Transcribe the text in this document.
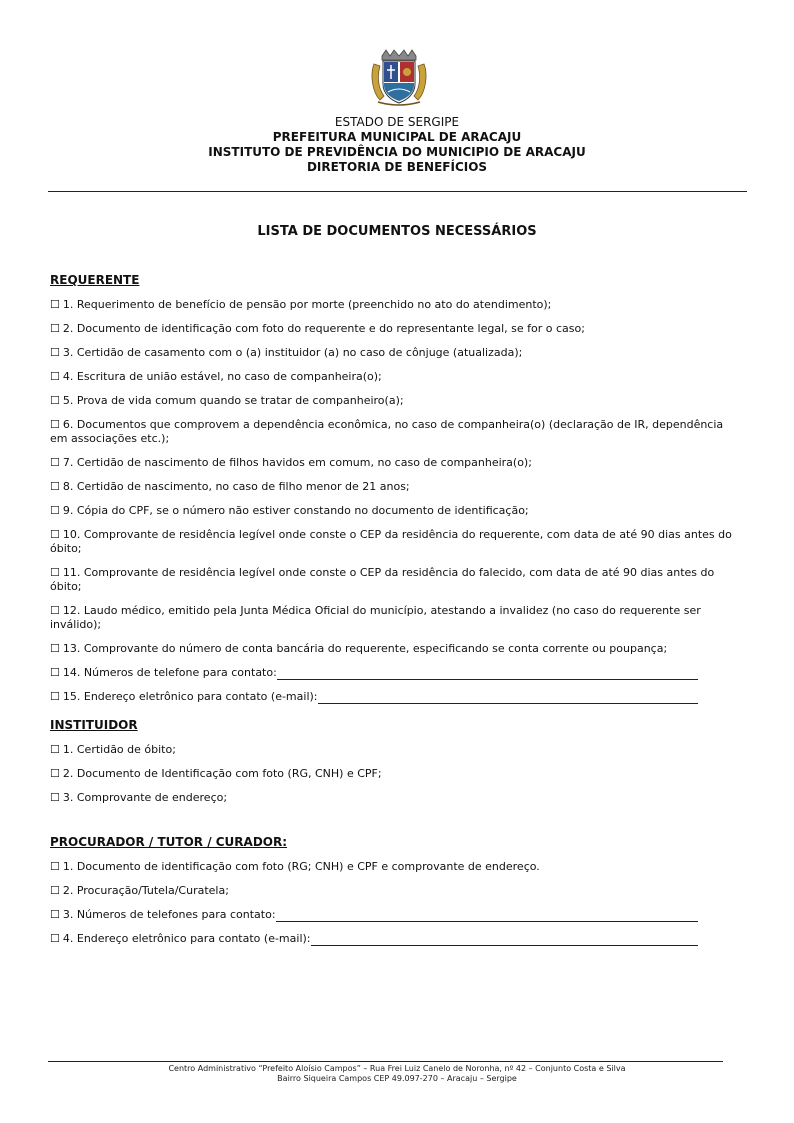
ESTADO DE SERGIPE
PREFEITURA MUNICIPAL DE ARACAJU
INSTITUTO DE PREVIDÊNCIA DO MUNICIPIO DE ARACAJU
DIRETORIA DE BENEFÍCIOS
LISTA DE DOCUMENTOS NECESSÁRIOS
REQUERENTE
☐ 1. Requerimento de benefício de pensão por morte (preenchido no ato do atendimento);
☐ 2. Documento de identificação com foto do requerente e do representante legal, se for o caso;
☐ 3. Certidão de casamento com o (a) instituidor (a) no caso de cônjuge (atualizada);
☐ 4. Escritura de união estável, no caso de companheira(o);
☐ 5. Prova de vida comum quando se tratar de companheiro(a);
☐ 6. Documentos que comprovem a dependência econômica, no caso de companheira(o) (declaração de IR, dependência em associações etc.);
☐ 7. Certidão de nascimento de filhos havidos em comum, no caso de companheira(o);
☐ 8. Certidão de nascimento, no caso de filho menor de 21 anos;
☐ 9. Cópia do CPF, se o número não estiver constando no documento de identificação;
☐ 10. Comprovante de residência legível onde conste o CEP da residência do requerente, com data de até 90 dias antes do óbito;
☐ 11. Comprovante de residência legível onde conste o CEP da residência do falecido, com data de até 90 dias antes do óbito;
☐ 12. Laudo médico, emitido pela Junta Médica Oficial do município, atestando a invalidez (no caso do requerente ser inválido);
☐ 13. Comprovante do número de conta bancária do requerente, especificando se conta corrente ou poupança;
☐ 14. Números de telefone para contato:
☐ 15. Endereço eletrônico para contato (e-mail):
INSTITUIDOR
☐ 1. Certidão de óbito;
☐ 2. Documento de Identificação com foto (RG, CNH) e CPF;
☐ 3. Comprovante de endereço;
PROCURADOR / TUTOR / CURADOR:
☐ 1. Documento de identificação com foto (RG; CNH) e CPF e comprovante de endereço.
☐ 2. Procuração/Tutela/Curatela;
☐ 3. Números de telefones para contato:
☐ 4. Endereço eletrônico para contato (e-mail):
Centro Administrativo “Prefeito Aloísio Campos” – Rua Frei Luiz Canelo de Noronha, nº 42 – Conjunto Costa e Silva
Bairro Siqueira Campos CEP 49.097-270 – Aracaju – Sergipe
